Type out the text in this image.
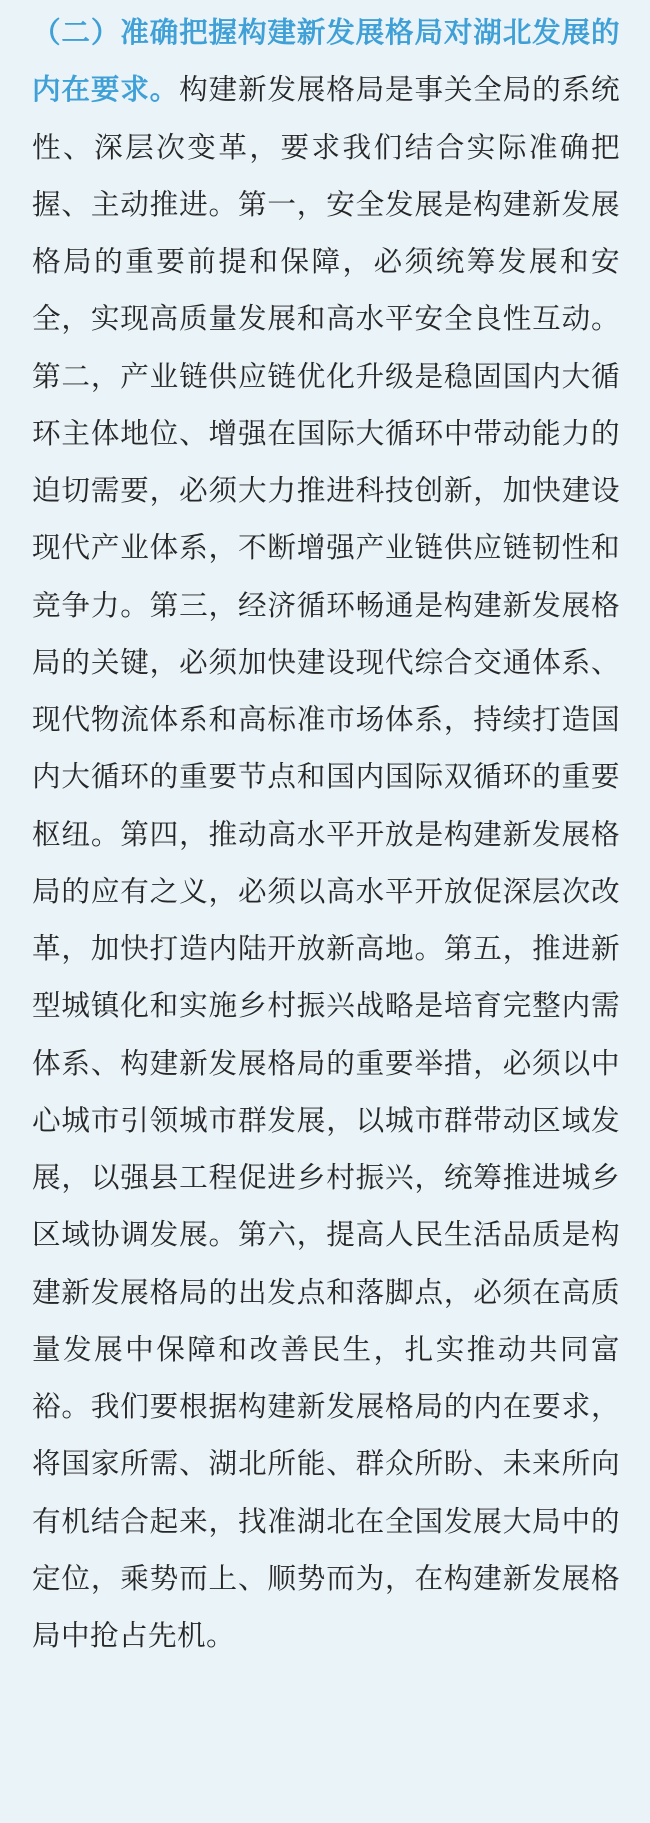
（二）准确把握构建新发展格局对湖北发展的内在要求。构建新发展格局是事关全局的系统性、深层次变革，要求我们结合实际准确把握、主动推进。第一，安全发展是构建新发展格局的重要前提和保障，必须统筹发展和安全，实现高质量发展和高水平安全良性互动。第二，产业链供应链优化升级是稳固国内大循环主体地位、增强在国际大循环中带动能力的迫切需要，必须大力推进科技创新，加快建设现代产业体系，不断增强产业链供应链韧性和竞争力。第三，经济循环畅通是构建新发展格局的关键，必须加快建设现代综合交通体系、现代物流体系和高标准市场体系，持续打造国内大循环的重要节点和国内国际双循环的重要枢纽。第四，推动高水平开放是构建新发展格局的应有之义，必须以高水平开放促深层次改革，加快打造内陆开放新高地。第五，推进新型城镇化和实施乡村振兴战略是培育完整内需体系、构建新发展格局的重要举措，必须以中心城市引领城市群发展，以城市群带动区域发展，以强县工程促进乡村振兴，统筹推进城乡区域协调发展。第六，提高人民生活品质是构建新发展格局的出发点和落脚点，必须在高质量发展中保障和改善民生，扎实推动共同富裕。我们要根据构建新发展格局的内在要求，将国家所需、湖北所能、群众所盼、未来所向有机结合起来，找准湖北在全国发展大局中的定位，乘势而上、顺势而为，在构建新发展格局中抢占先机。
